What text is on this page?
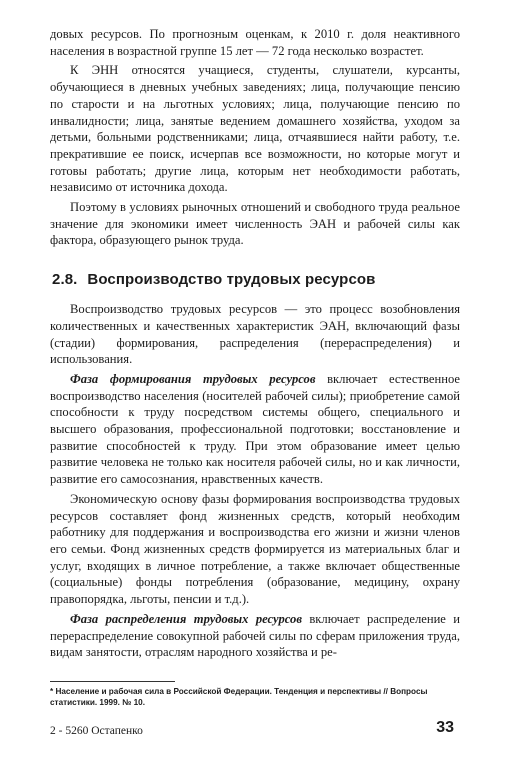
довых ресурсов. По прогнозным оценкам, к 2010 г. доля неактивного населения в возрастной группе 15 лет — 72 года несколько возрастет.

К ЭНН относятся учащиеся, студенты, слушатели, курсанты, обучающиеся в дневных учебных заведениях; лица, получающие пенсию по старости и на льготных условиях; лица, получающие пенсию по инвалидности; лица, занятые ведением домашнего хозяйства, уходом за детьми, больными родственниками; лица, отчаявшиеся найти работу, т.е. прекратившие ее поиск, исчерпав все возможности, но которые могут и готовы работать; другие лица, которым нет необходимости работать, независимо от источника дохода.

Поэтому в условиях рыночных отношений и свободного труда реальное значение для экономики имеет численность ЭАН и рабочей силы как фактора, образующего рынок труда.

2.8. Воспроизводство трудовых ресурсов

Воспроизводство трудовых ресурсов — это процесс возобновления количественных и качественных характеристик ЭАН, включающий фазы (стадии) формирования, распределения (перераспределения) и использования.

Фаза формирования трудовых ресурсов включает естественное воспроизводство населения (носителей рабочей силы); приобретение самой способности к труду посредством системы общего, специального и высшего образования, профессиональной подготовки; восстановление и развитие способностей к труду. При этом образование имеет целью развитие человека не только как носителя рабочей силы, но и как личности, развитие его самосознания, нравственных качеств.

Экономическую основу фазы формирования воспроизводства трудовых ресурсов составляет фонд жизненных средств, который необходим работнику для поддержания и воспроизводства его жизни и жизни членов его семьи. Фонд жизненных средств формируется из материальных благ и услуг, входящих в личное потребление, а также включает общественные (социальные) фонды потребления (образование, медицину, охрану правопорядка, льготы, пенсии и т.д.).

Фаза распределения трудовых ресурсов включает распределение и перераспределение совокупной рабочей силы по сферам приложения труда, видам занятости, отраслям народного хозяйства и ре-

* Население и рабочая сила в Российской Федерации. Тенденция и перспективы // Вопросы статистики. 1999. № 10.
2 - 5260 Остапенко	33
